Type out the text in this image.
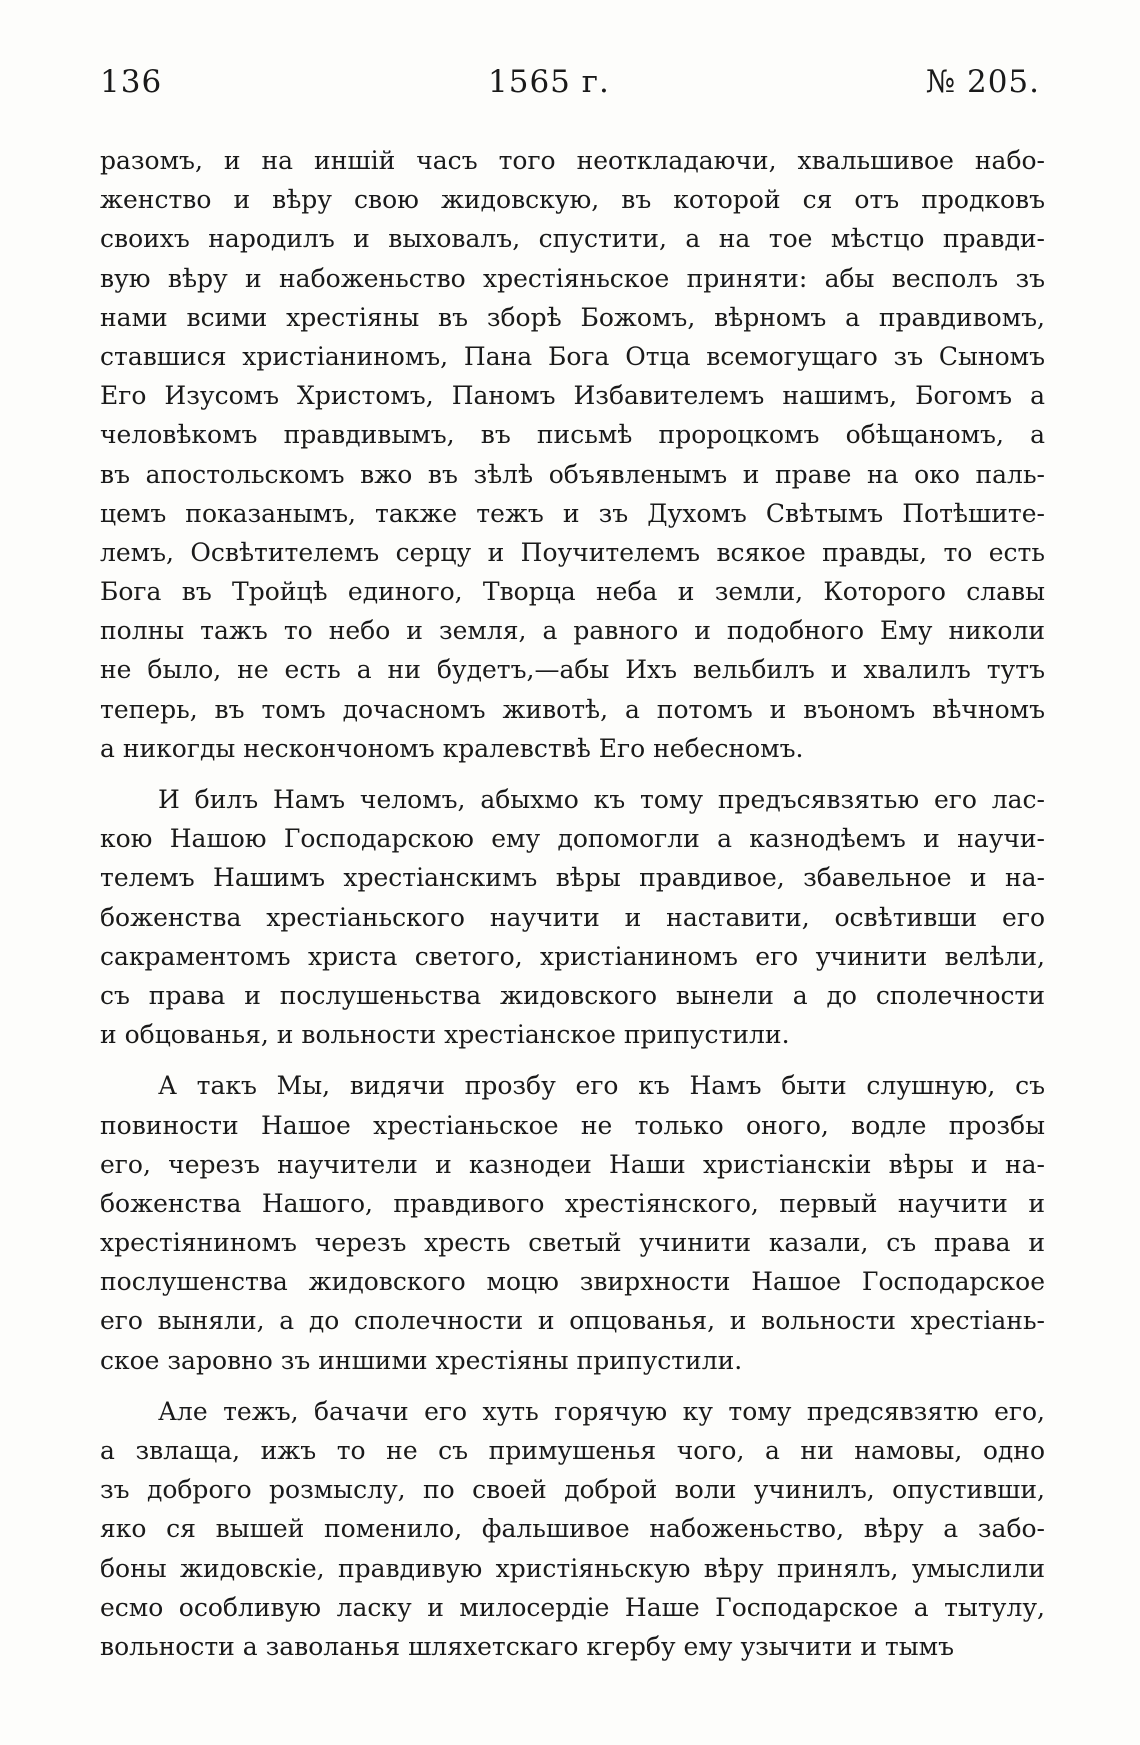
136	1565 г.	№ 205.
разомъ, и на иншій часъ того неоткладаючи, хвальшивое набо-
женство и вѣру свою жидовскую, въ которой ся отъ продковъ
своихъ народилъ и выховалъ, спустити, а на тое мѣстцо правди-
вую вѣру и набоженьство хрестіяньское приняти: абы весполъ зъ
нами всими хрестіяны въ зборѣ Божомъ, вѣрномъ а правдивомъ,
ставшися христіаниномъ, Пана Бога Отца всемогущаго зъ Сыномъ
Его Изусомъ Христомъ, Паномъ Избавителемъ нашимъ, Богомъ а
человѣкомъ правдивымъ, въ письмѣ пророцкомъ обѣщаномъ, а
въ апостольскомъ вжо въ зѣлѣ объявленымъ и праве на око паль-
цемъ показанымъ, также тежъ и зъ Духомъ Свѣтымъ Потѣшите-
лемъ, Освѣтителемъ серцу и Поучителемъ всякое правды, то есть
Бога въ Тройцѣ единого, Творца неба и земли, Которого славы
полны тажъ то небо и земля, а равного и подобного Ему николи
не было, не есть а ни будетъ,—абы Ихъ вельбилъ и хвалилъ тутъ
теперь, въ томъ дочасномъ животѣ, а потомъ и въономъ вѣчномъ
а никогды нескончономъ кралевствѣ Его небесномъ.
И билъ Намъ челомъ, абыхмо къ тому предъсявзятью его лас-
кою Нашою Господарскою ему допомогли а казнодѣемъ и научи-
телемъ Нашимъ хрестіанскимъ вѣры правдивое, збавельное и на-
боженства хрестіаньского научити и наставити, освѣтивши его
сакраментомъ христа светого, христіаниномъ его учинити велѣли,
съ права и послушеньства жидовского вынели а до сполечности
и обцованья, и вольности хрестіанское припустили.
А такъ Мы, видячи прозбу его къ Намъ быти слушную, съ
повиности Нашое хрестіаньское не только оного, водле прозбы
его, черезъ научители и казнодеи Наши христіанскіи вѣры и на-
боженства Нашого, правдивого хрестіянского, первый научити и
хрестіяниномъ черезъ хресть светый учинити казали, съ права и
послушенства жидовского моцю звирхности Нашое Господарское
его выняли, а до сполечности и опцованья, и вольности хрестіань-
ское заровно зъ иншими хрестіяны припустили.
Але тежъ, бачачи его хуть горячую ку тому предсявзятю его,
а звлаща, ижъ то не съ примушенья чого, а ни намовы, одно
зъ доброго розмыслу, по своей доброй воли учинилъ, опустивши,
яко ся вышей поменило, фальшивое набоженьство, вѣру а забо-
боны жидовскіе, правдивую христіяньскую вѣру принялъ, умыслили
есмо особливую ласку и милосердіе Наше Господарское а тытулу,
вольности а заволанья шляхетскаго кгербу ему узычити и тымъ
